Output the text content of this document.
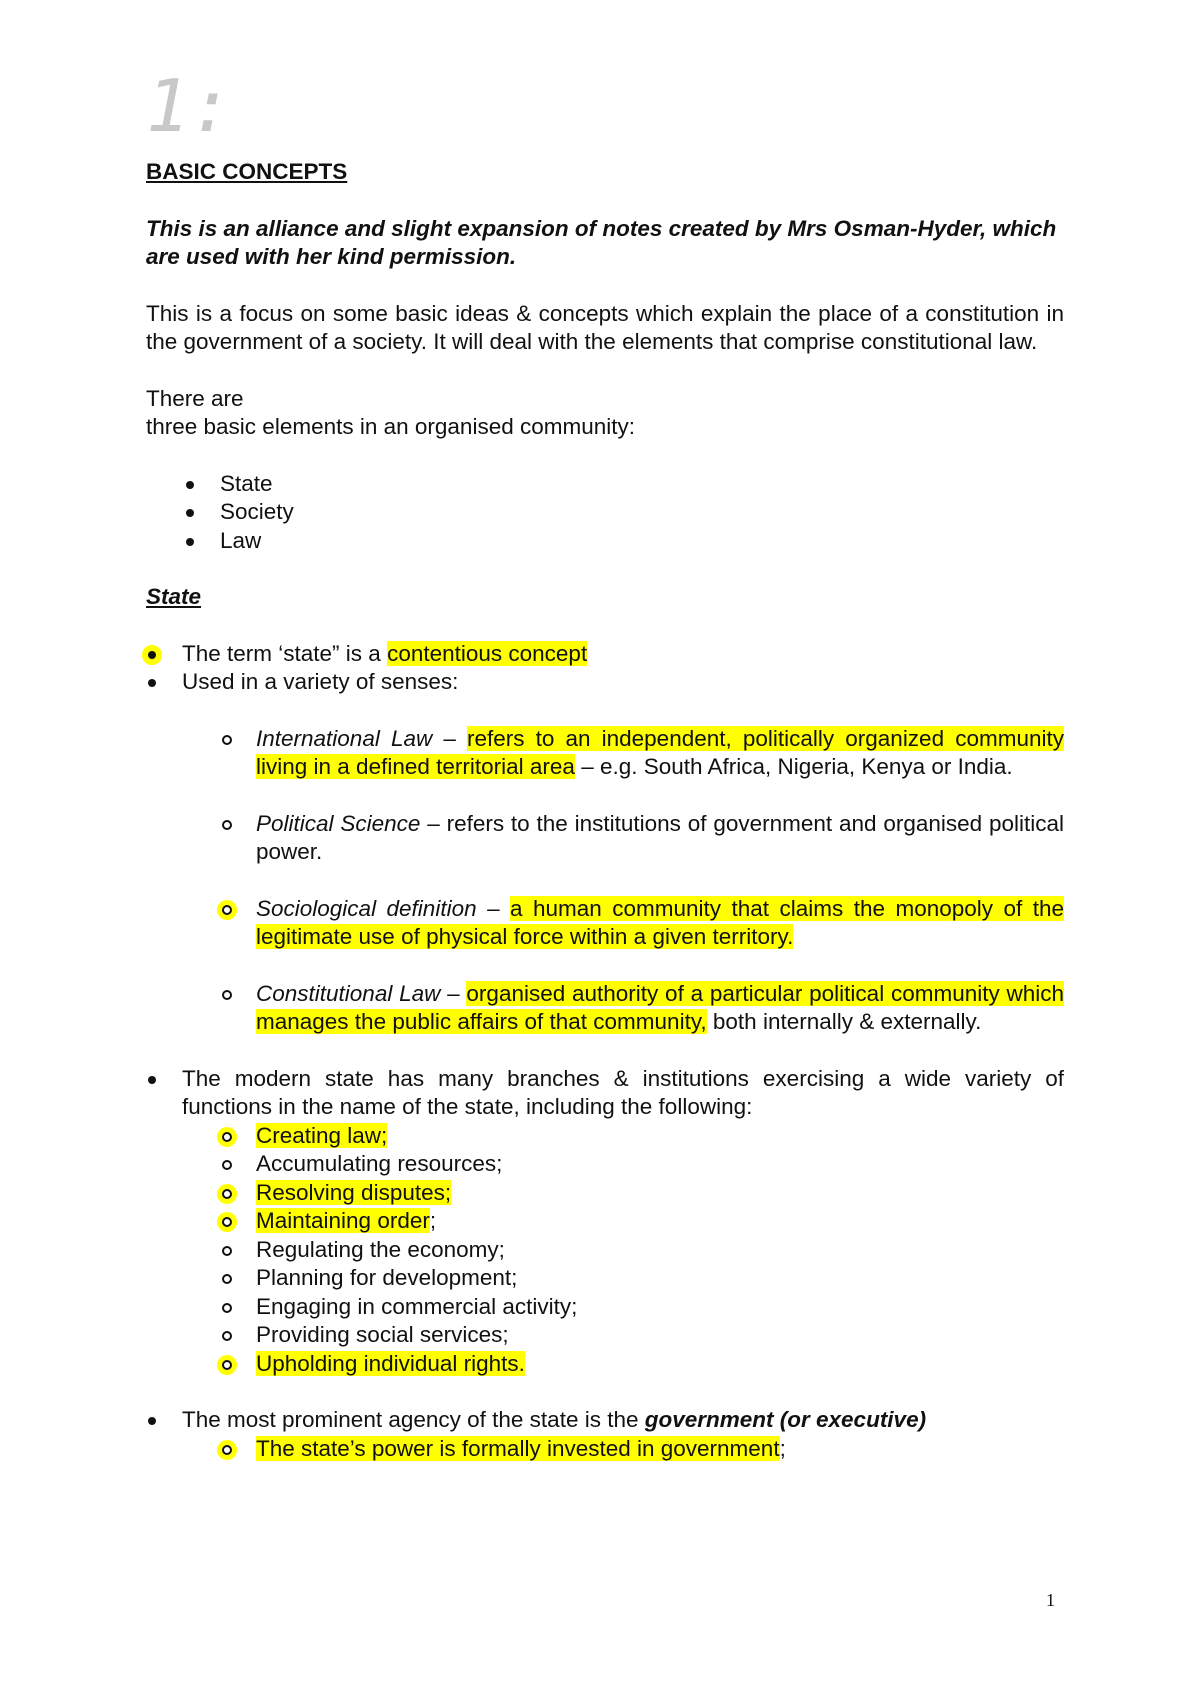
1:

BASIC CONCEPTS

This is an alliance and slight expansion of notes created by Mrs Osman-Hyder, which are used with her kind permission.

This is a focus on some basic ideas & concepts which explain the place of a constitution in the government of a society. It will deal with the elements that comprise constitutional law.

There are

three basic elements in an organised community:

State
Society
Law

State

The term ‘state” is a contentious concept
Used in a variety of senses:

International Law – refers to an independent, politically organized community living in a defined territorial area – e.g. South Africa, Nigeria, Kenya or India.

Political Science – refers to the institutions of government and organised political power.

Sociological definition – a human community that claims the monopoly of the legitimate use of physical force within a given territory.

Constitutional Law – organised authority of a particular political community which manages the public affairs of that community, both internally & externally.

The modern state has many branches & institutions exercising a wide variety of functions in the name of the state, including the following:

Creating law;
Accumulating resources;
Resolving disputes;
Maintaining order;
Regulating the economy;
Planning for development;
Engaging in commercial activity;
Providing social services;
Upholding individual rights.

The most prominent agency of the state is the government (or executive)

The state’s power is formally invested in government;

1
